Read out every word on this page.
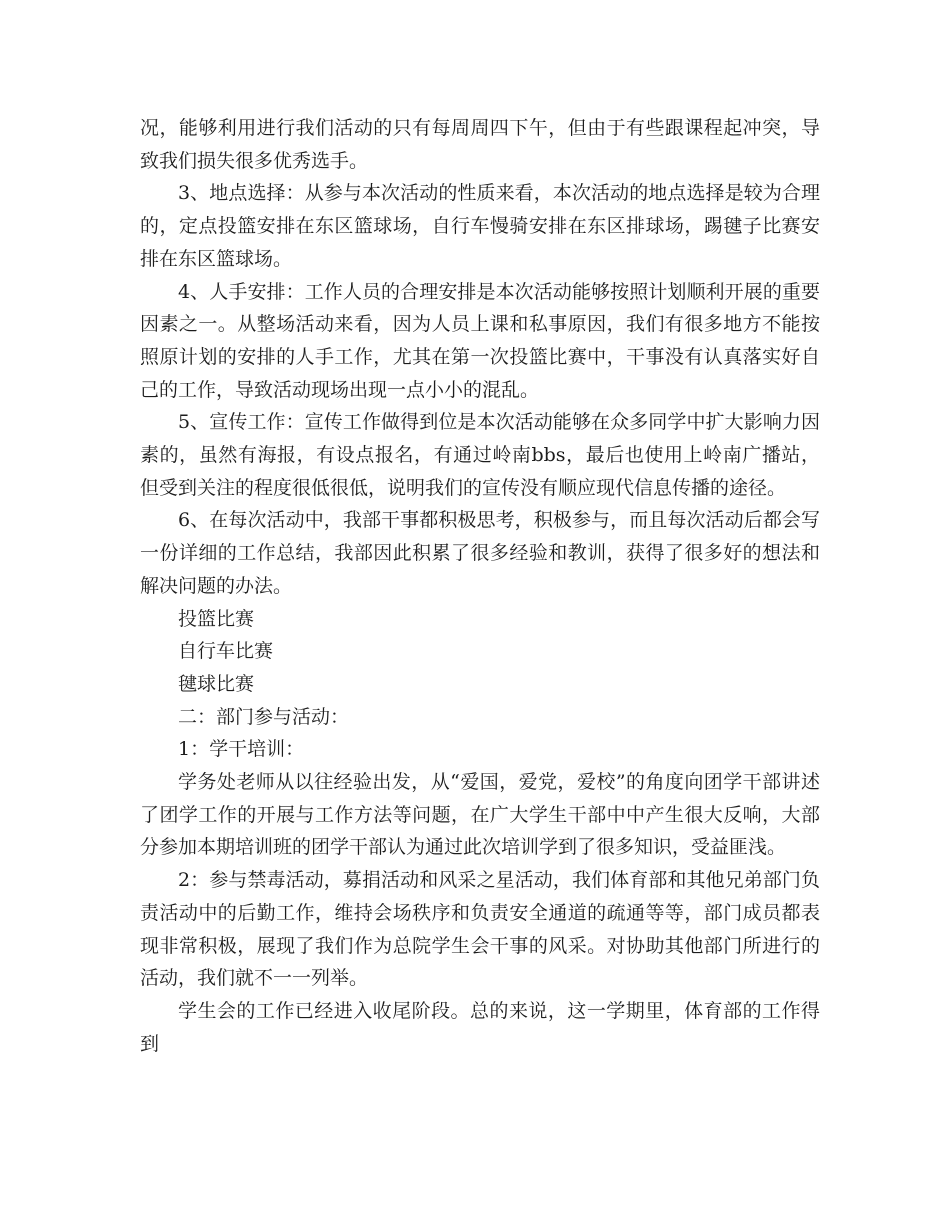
况，能够利用进行我们活动的只有每周周四下午，但由于有些跟课程起冲突，导致我们损失很多优秀选手。

3、地点选择：从参与本次活动的性质来看，本次活动的地点选择是较为合理的，定点投篮安排在东区篮球场，自行车慢骑安排在东区排球场，踢毽子比赛安排在东区篮球场。

4、人手安排：工作人员的合理安排是本次活动能够按照计划顺利开展的重要因素之一。从整场活动来看，因为人员上课和私事原因，我们有很多地方不能按照原计划的安排的人手工作，尤其在第一次投篮比赛中，干事没有认真落实好自己的工作，导致活动现场出现一点小小的混乱。

5、宣传工作：宣传工作做得到位是本次活动能够在众多同学中扩大影响力因素的，虽然有海报，有设点报名，有通过岭南bbs，最后也使用上岭南广播站，但受到关注的程度很低很低，说明我们的宣传没有顺应现代信息传播的途径。

6、在每次活动中，我部干事都积极思考，积极参与，而且每次活动后都会写一份详细的工作总结，我部因此积累了很多经验和教训，获得了很多好的想法和解决问题的办法。

投篮比赛

自行车比赛

毽球比赛

二：部门参与活动：

1：学干培训：

学务处老师从以往经验出发，从“爱国，爱党，爱校”的角度向团学干部讲述了团学工作的开展与工作方法等问题，在广大学生干部中中产生很大反响，大部分参加本期培训班的团学干部认为通过此次培训学到了很多知识，受益匪浅。

2：参与禁毒活动，募捐活动和风采之星活动，我们体育部和其他兄弟部门负责活动中的后勤工作，维持会场秩序和负责安全通道的疏通等等，部门成员都表现非常积极，展现了我们作为总院学生会干事的风采。对协助其他部门所进行的活动，我们就不一一列举。

学生会的工作已经进入收尾阶段。总的来说，这一学期里，体育部的工作得到
